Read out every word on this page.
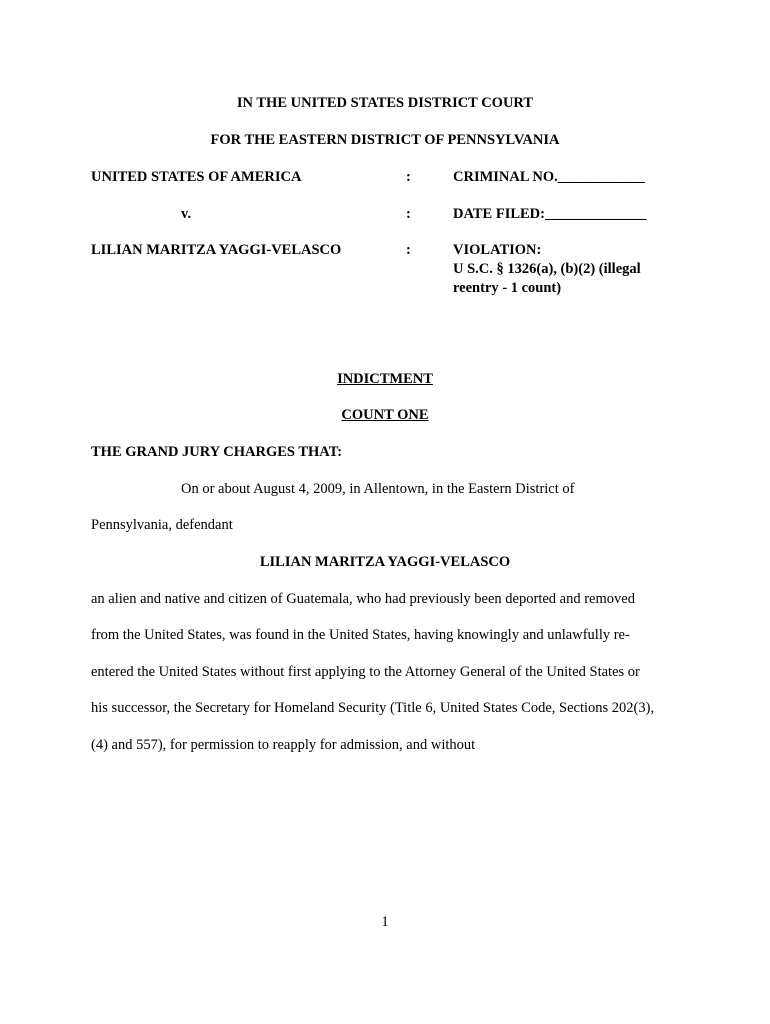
IN THE UNITED STATES DISTRICT COURT
FOR THE EASTERN DISTRICT OF PENNSYLVANIA
UNITED STATES OF AMERICA	:	CRIMINAL NO.____________
v.	:	DATE FILED:______________
LILIAN MARITZA YAGGI-VELASCO	:	VIOLATION:
U S.C. § 1326(a), (b)(2) (illegal
reentry - 1 count)
INDICTMENT
COUNT ONE
THE GRAND JURY CHARGES THAT:
On or about August 4, 2009, in Allentown, in the Eastern District of
Pennsylvania, defendant
LILIAN MARITZA YAGGI-VELASCO
an alien and native and citizen of Guatemala, who had previously been deported and removed
from the United States, was found in the United States, having knowingly and unlawfully re-
entered the United States without first applying to the Attorney General of the United States or
his successor, the Secretary for Homeland Security (Title 6, United States Code, Sections 202(3),
(4) and 557), for permission to reapply for admission, and without
1
